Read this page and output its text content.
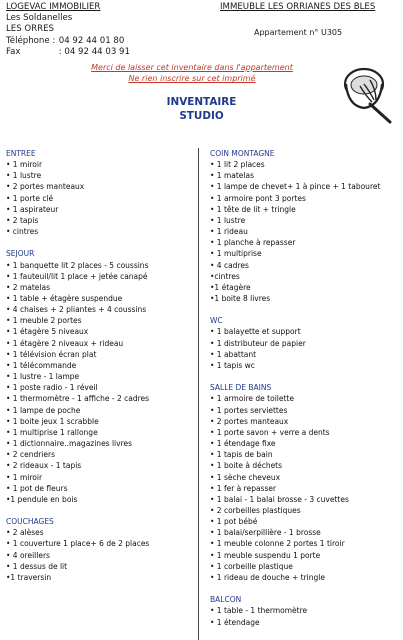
LOGEVAC IMMOBILIER
Les Soldanelles
LES ORRES
Téléphone : 04 92 44 01 80
Fax	: 04 92 44 03 91
IMMEUBLE LES ORRIANES DES BLES
Appartement n° U305
Merci de laisser cet inventaire dans l'appartement
Ne rien inscrire sur cet imprimé
INVENTAIRE
STUDIO
ENTREE
• 1 miroir
• 1 lustre
• 2 portes manteaux
• 1 porte clé
• 1 aspirateur
• 2 tapis
• cintres
SEJOUR
• 1 banquette lit 2 places - 5 coussins
• 1 fauteuil/lit 1 place + jetée canapé
• 2 matelas
• 1 table + étagère suspendue
• 4 chaises + 2 pliantes + 4 coussins
• 1 meuble 2 portes
• 1 étagère 5 niveaux
• 1 étagère 2 niveaux + rideau
• 1 télévision écran plat
• 1 télécommande
• 1 lustre - 1 lampe
• 1 poste radio - 1 réveil
• 1 thermomètre - 1 affiche - 2 cadres
• 1 lampe de poche
• 1 boite jeux 1 scrabble
• 1 multiprise 1 rallonge
• 1 dictionnaire..magazines livres
• 2 cendriers
• 2 rideaux - 1 tapis
• 1 miroir
• 1 pot de fleurs
•1 pendule en bois
COUCHAGES
• 2 alèses
• 1 couverture 1 place+ 6 de 2 places
• 4 oreillers
• 1 dessus de lit
•1 traversin
COIN MONTAGNE
• 1 lit 2 places
• 1 matelas
• 1 lampe de chevet+ 1 à pince + 1 tabouret
• 1 armoire pont 3 portes
• 1 tête de lit + tringle
• 1 lustre
• 1 rideau
• 1 planche à repasser
• 1 multiprise
• 4 cadres
•cintres
•1 étagère
•1 boite 8 livres
WC
• 1 balayette et support
• 1 distributeur de papier
• 1 abattant
• 1 tapis wc
SALLE DE BAINS
• 1 armoire de toilette
• 1 portes serviettes
• 2 portes manteaux
• 1 porte savon + verre a dents
• 1 étendage fixe
• 1 tapis de bain
• 1 boite à déchets
• 1 sèche cheveux
• 1 fer à repasser
• 1 balai - 1 balai brosse - 3 cuvettes
• 2 corbeilles plastiques
• 1 pot bébé
• 1 balai/serpillière - 1 brosse
• 1 meuble colonne 2 portes 1 tiroir
• 1 meuble suspendu 1 porte
• 1 corbeille plastique
• 1 rideau de douche + tringle
BALCON
• 1 table - 1 thermomètre
• 1 étendage
